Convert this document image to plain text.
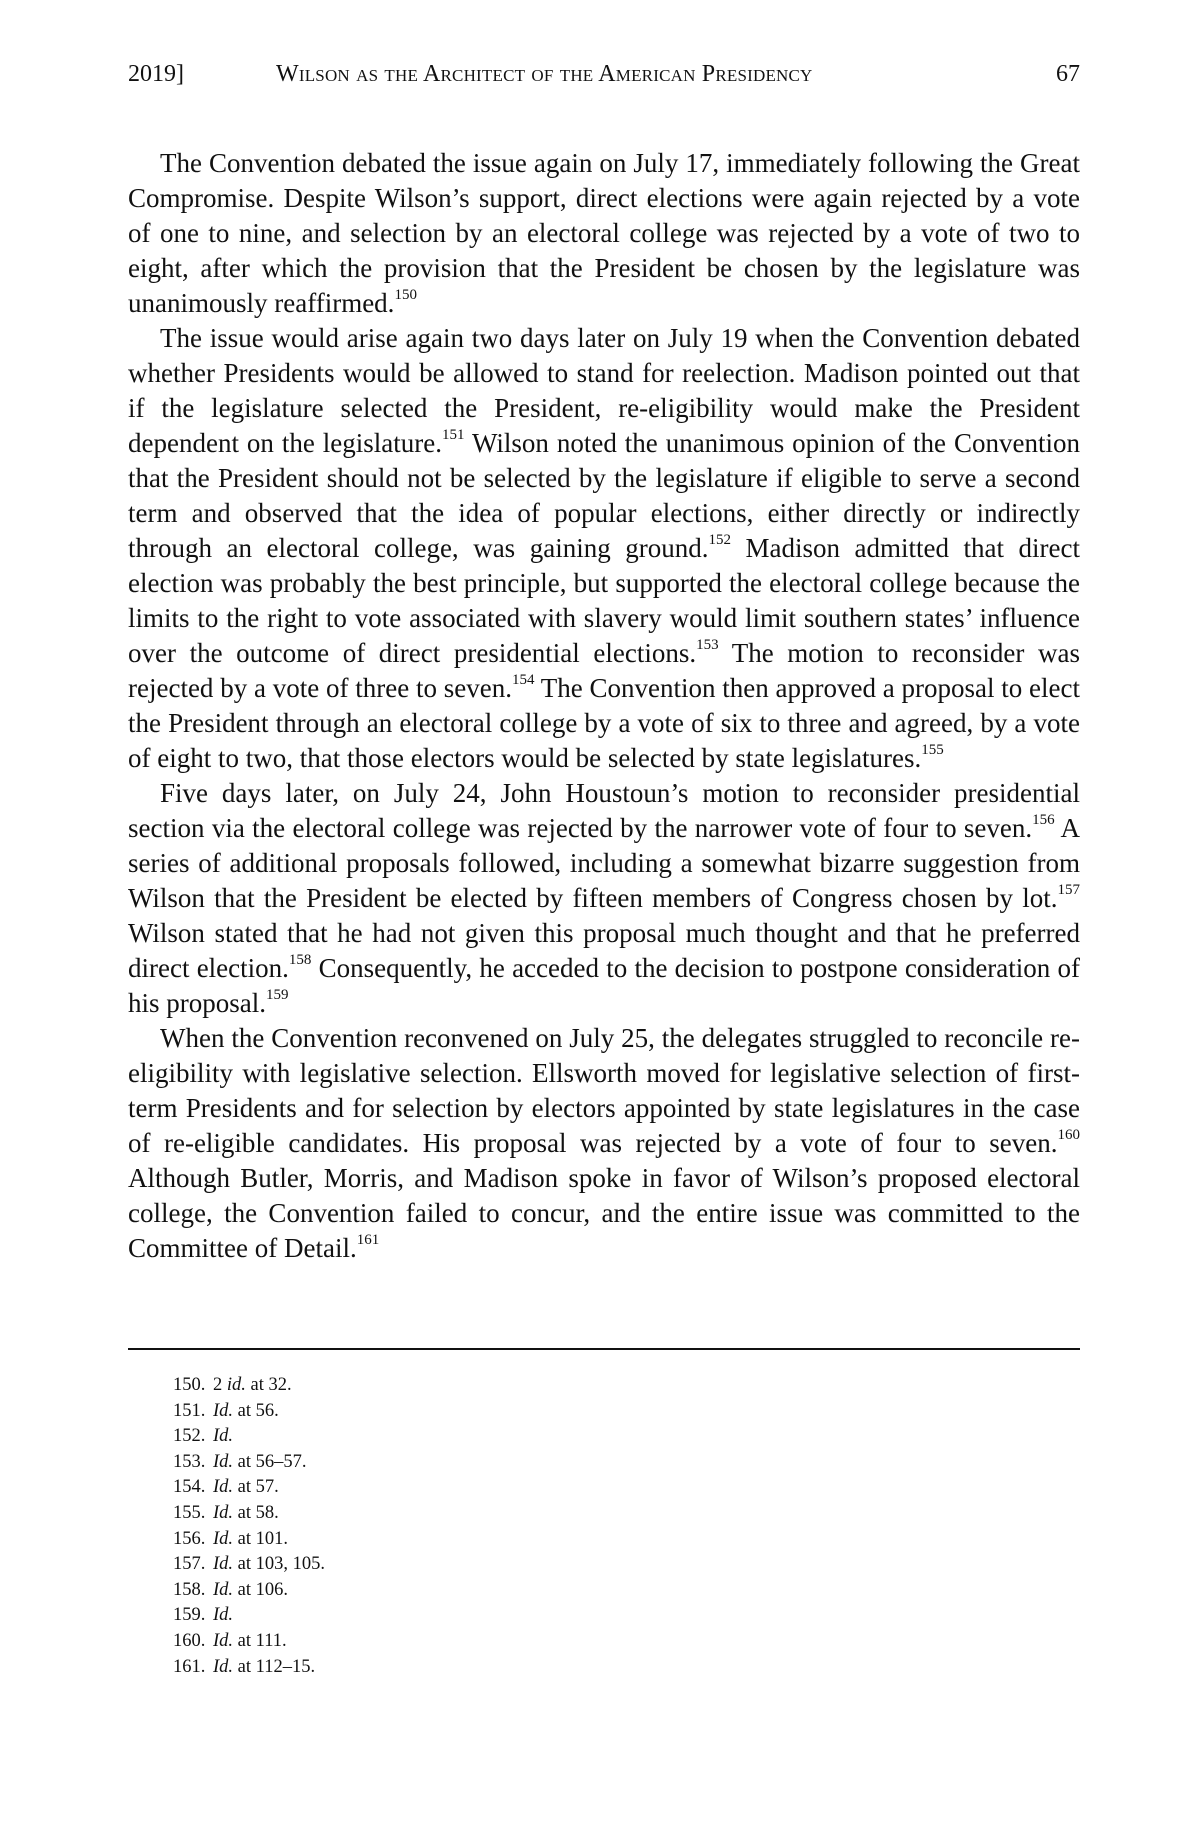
2019]	Wilson as the Architect of the American Presidency	67

The Convention debated the issue again on July 17, immediately following the Great Compromise. Despite Wilson’s support, direct elections were again rejected by a vote of one to nine, and selection by an electoral college was rejected by a vote of two to eight, after which the provision that the President be chosen by the legislature was unanimously reaffirmed.$^{150}$

The issue would arise again two days later on July 19 when the Convention debated whether Presidents would be allowed to stand for reelection. Madison pointed out that if the legislature selected the President, re-eligibility would make the President dependent on the legislature.$^{151}$ Wilson noted the unanimous opinion of the Convention that the President should not be selected by the legislature if eligible to serve a second term and observed that the idea of popular elections, either directly or indirectly through an electoral college, was gaining ground.$^{152}$ Madison admitted that direct election was probably the best principle, but supported the electoral college because the limits to the right to vote associated with slavery would limit southern states’ influence over the outcome of direct presidential elections.$^{153}$ The motion to reconsider was rejected by a vote of three to seven.$^{154}$ The Convention then approved a proposal to elect the President through an electoral college by a vote of six to three and agreed, by a vote of eight to two, that those electors would be selected by state legislatures.$^{155}$

Five days later, on July 24, John Houstoun’s motion to reconsider presidential section via the electoral college was rejected by the narrower vote of four to seven.$^{156}$ A series of additional proposals followed, including a somewhat bizarre suggestion from Wilson that the President be elected by fifteen members of Congress chosen by lot.$^{157}$ Wilson stated that he had not given this proposal much thought and that he preferred direct election.$^{158}$ Consequently, he acceded to the decision to postpone consideration of his proposal.$^{159}$

When the Convention reconvened on July 25, the delegates struggled to reconcile re-eligibility with legislative selection. Ellsworth moved for legislative selection of first-term Presidents and for selection by electors appointed by state legislatures in the case of re-eligible candidates. His proposal was rejected by a vote of four to seven.$^{160}$ Although Butler, Morris, and Madison spoke in favor of Wilson’s proposed electoral college, the Convention failed to concur, and the entire issue was committed to the Committee of Detail.$^{161}$

150. 2 id. at 32.
151. Id. at 56.
152. Id.
153. Id. at 56–57.
154. Id. at 57.
155. Id. at 58.
156. Id. at 101.
157. Id. at 103, 105.
158. Id. at 106.
159. Id.
160. Id. at 111.
161. Id. at 112–15.
